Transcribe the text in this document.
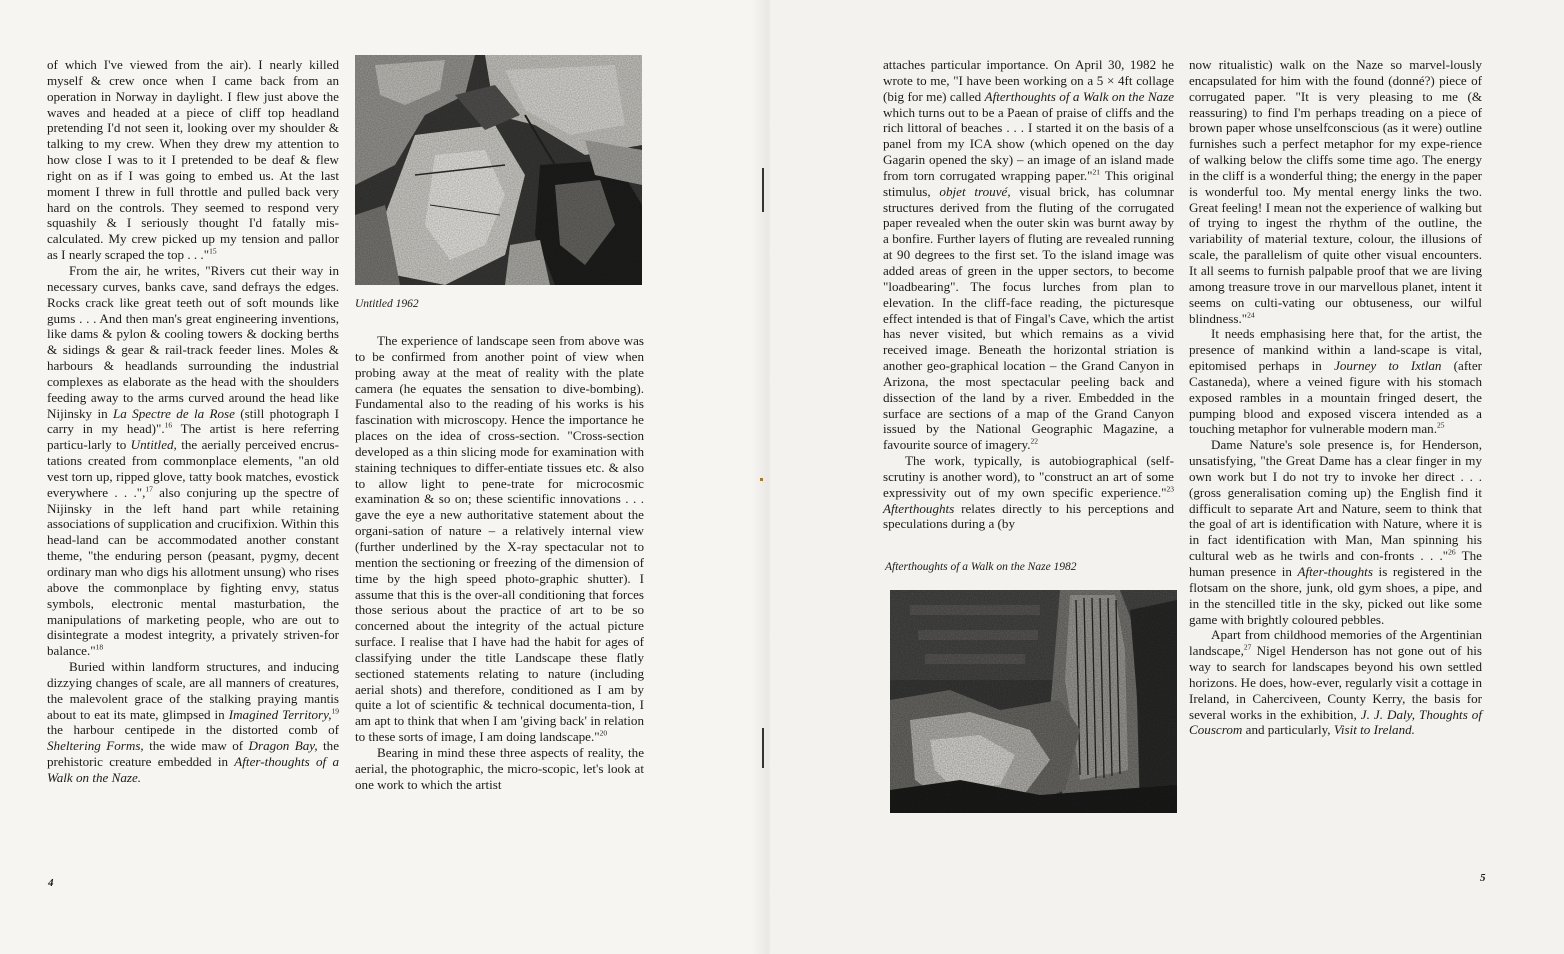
of which I've viewed from the air). I nearly killed myself & crew once when I came back from an operation in Norway in daylight. I flew just above the waves and headed at a piece of cliff top headland pretending I'd not seen it, looking over my shoulder & talking to my crew. When they drew my attention to how close I was to it I pretended to be deaf & flew right on as if I was going to embed us. At the last moment I threw in full throttle and pulled back very hard on the controls. They seemed to respond very squashily & I seriously thought I'd fatally mis-calculated. My crew picked up my tension and pallor as I nearly scraped the top . . ."$^{15}$

From the air, he writes, "Rivers cut their way in necessary curves, banks cave, sand defrays the edges. Rocks crack like great teeth out of soft mounds like gums . . . And then man's great engineering inventions, like dams & pylon & cooling towers & docking berths & sidings & gear & rail-track feeder lines. Moles & harbours & headlands surrounding the industrial complexes as elaborate as the head with the shoulders feeding away to the arms curved around the head like Nijinsky in La Spectre de la Rose (still photograph I carry in my head)".$^{16}$ The artist is here referring particu-larly to Untitled, the aerially perceived encrus-tations created from commonplace elements, "an old vest torn up, ripped glove, tatty book matches, evostick everywhere . . .",$^{17}$ also conjuring up the spectre of Nijinsky in the left hand part while retaining associations of supplication and crucifixion. Within this head-land can be accommodated another constant theme, "the enduring person (peasant, pygmy, decent ordinary man who digs his allotment unsung) who rises above the commonplace by fighting envy, status symbols, electronic mental masturbation, the manipulations of marketing people, who are out to disintegrate a modest integrity, a privately striven-for balance."$^{18}$

Buried within landform structures, and inducing dizzying changes of scale, are all manners of creatures, the malevolent grace of the stalking praying mantis about to eat its mate, glimpsed in Imagined Territory,$^{19}$ the harbour centipede in the distorted comb of Sheltering Forms, the wide maw of Dragon Bay, the prehistoric creature embedded in After-thoughts of a Walk on the Naze.

Untitled 1962

The experience of landscape seen from above was to be confirmed from another point of view when probing away at the meat of reality with the plate camera (he equates the sensation to dive-bombing). Fundamental also to the reading of his works is his fascination with microscopy. Hence the importance he places on the idea of cross-section. "Cross-section developed as a thin slicing mode for examination with staining techniques to differ-entiate tissues etc. & also to allow light to pene-trate for microcosmic examination & so on; these scientific innovations . . . gave the eye a new authoritative statement about the organi-sation of nature – a relatively internal view (further underlined by the X-ray spectacular not to mention the sectioning or freezing of the dimension of time by the high speed photo-graphic shutter). I assume that this is the over-all conditioning that forces those serious about the practice of art to be so concerned about the integrity of the actual picture surface. I realise that I have had the habit for ages of classifying under the title Landscape these flatly sectioned statements relating to nature (including aerial shots) and therefore, conditioned as I am by quite a lot of scientific & technical documenta-tion, I am apt to think that when I am 'giving back' in relation to these sorts of image, I am doing landscape."$^{20}$

Bearing in mind these three aspects of reality, the aerial, the photographic, the micro-scopic, let's look at one work to which the artist

4

attaches particular importance. On April 30, 1982 he wrote to me, "I have been working on a 5 × 4ft collage (big for me) called Afterthoughts of a Walk on the Naze which turns out to be a Paean of praise of cliffs and the rich littoral of beaches . . . I started it on the basis of a panel from my ICA show (which opened on the day Gagarin opened the sky) – an image of an island made from torn corrugated wrapping paper."$^{21}$ This original stimulus, objet trouvé, visual brick, has columnar structures derived from the fluting of the corrugated paper revealed when the outer skin was burnt away by a bonfire. Further layers of fluting are revealed running at 90 degrees to the first set. To the island image was added areas of green in the upper sectors, to become "loadbearing". The focus lurches from plan to elevation. In the cliff-face reading, the picturesque effect intended is that of Fingal's Cave, which the artist has never visited, but which remains as a vivid received image. Beneath the horizontal striation is another geo-graphical location – the Grand Canyon in Arizona, the most spectacular peeling back and dissection of the land by a river. Embedded in the surface are sections of a map of the Grand Canyon issued by the National Geographic Magazine, a favourite source of imagery.$^{22}$

The work, typically, is autobiographical (self-scrutiny is another word), to "construct an art of some expressivity out of my own specific experience."$^{23}$ Afterthoughts relates directly to his perceptions and speculations during a (by

Afterthoughts of a Walk on the Naze 1982

now ritualistic) walk on the Naze so marvel-lously encapsulated for him with the found (donné?) piece of corrugated paper. "It is very pleasing to me (& reassuring) to find I'm perhaps treading on a piece of brown paper whose unselfconscious (as it were) outline furnishes such a perfect metaphor for my expe-rience of walking below the cliffs some time ago. The energy in the cliff is a wonderful thing; the energy in the paper is wonderful too. My mental energy links the two. Great feeling! I mean not the experience of walking but of trying to ingest the rhythm of the outline, the variability of material texture, colour, the illusions of scale, the parallelism of quite other visual encounters. It all seems to furnish palpable proof that we are living among treasure trove in our marvellous planet, intent it seems on culti-vating our obtuseness, our wilful blindness."$^{24}$

It needs emphasising here that, for the artist, the presence of mankind within a land-scape is vital, epitomised perhaps in Journey to Ixtlan (after Castaneda), where a veined figure with his stomach exposed rambles in a mountain fringed desert, the pumping blood and exposed viscera intended as a touching metaphor for vulnerable modern man.$^{25}$

Dame Nature's sole presence is, for Henderson, unsatisfying, "the Great Dame has a clear finger in my own work but I do not try to invoke her direct . . . (gross generalisation coming up) the English find it difficult to separate Art and Nature, seem to think that the goal of art is identification with Nature, where it is in fact identification with Man, Man spinning his cultural web as he twirls and con-fronts . . ."$^{26}$ The human presence in After-thoughts is registered in the flotsam on the shore, junk, old gym shoes, a pipe, and in the stencilled title in the sky, picked out like some game with brightly coloured pebbles.

Apart from childhood memories of the Argentinian landscape,$^{27}$ Nigel Henderson has not gone out of his way to search for landscapes beyond his own settled horizons. He does, how-ever, regularly visit a cottage in Ireland, in Caherciveen, County Kerry, the basis for several works in the exhibition, J. J. Daly, Thoughts of Couscrom and particularly, Visit to Ireland.

5
